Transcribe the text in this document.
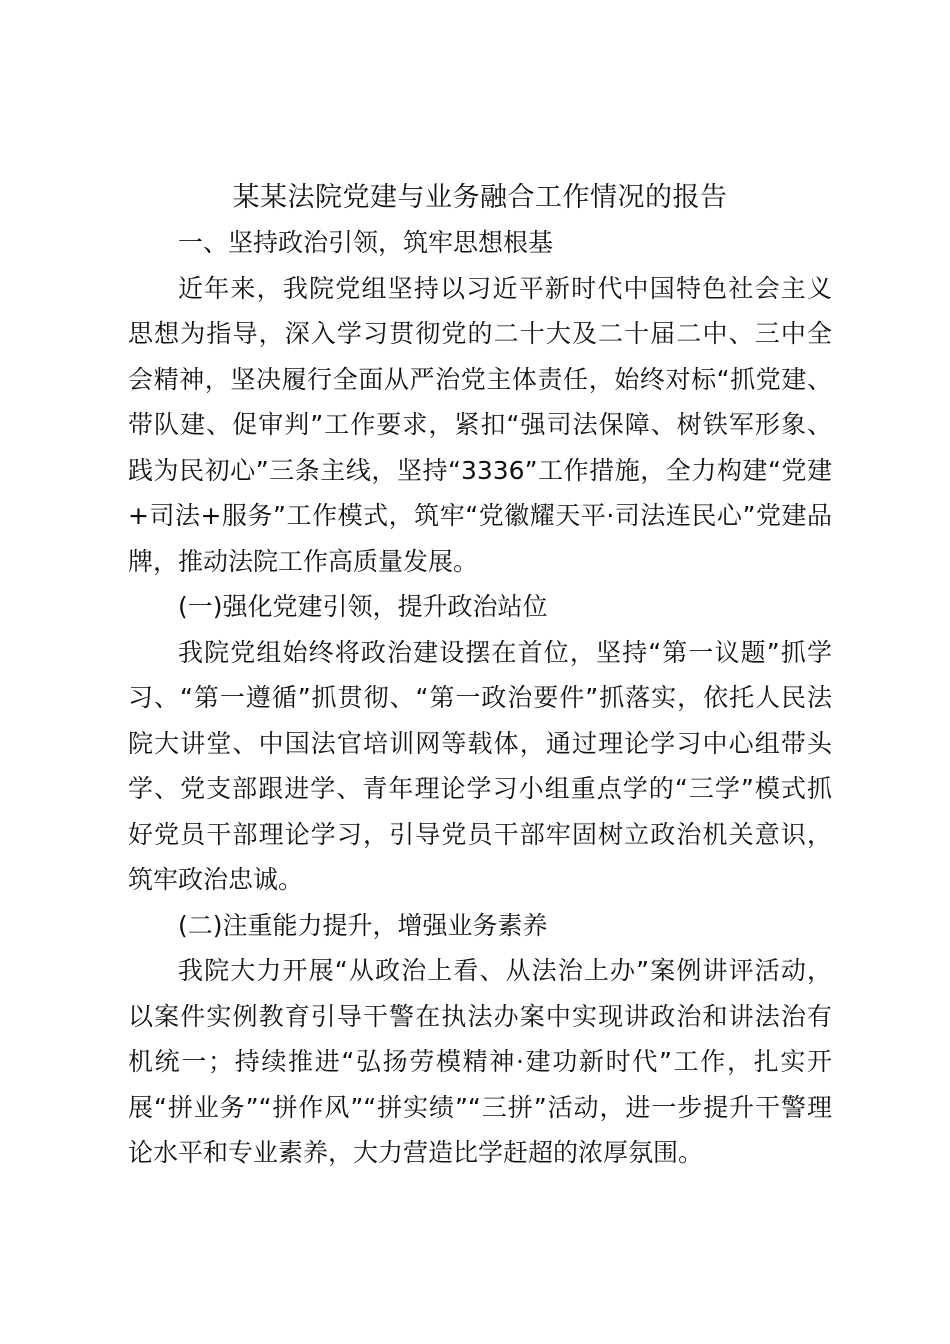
某某法院党建与业务融合工作情况的报告
一、坚持政治引领，筑牢思想根基

近年来，我院党组坚持以习近平新时代中国特色社会主义
思想为指导，深入学习贯彻党的二十大及二十届二中、三中全
会精神，坚决履行全面从严治党主体责任，始终对标“抓党建、
带队建、促审判”工作要求，紧扣“强司法保障、树铁军形象、
践为民初心”三条主线，坚持“3336”工作措施，全力构建“党建
+司法+服务”工作模式，筑牢“党徽耀天平·司法连民心”党建品
牌，推动法院工作高质量发展。

(一)强化党建引领，提升政治站位

我院党组始终将政治建设摆在首位，坚持“第一议题”抓学
习、“第一遵循”抓贯彻、“第一政治要件”抓落实，依托人民法
院大讲堂、中国法官培训网等载体，通过理论学习中心组带头
学、党支部跟进学、青年理论学习小组重点学的“三学”模式抓
好党员干部理论学习，引导党员干部牢固树立政治机关意识，
筑牢政治忠诚。

(二)注重能力提升，增强业务素养

我院大力开展“从政治上看、从法治上办”案例讲评活动，
以案件实例教育引导干警在执法办案中实现讲政治和讲法治有
机统一；持续推进“弘扬劳模精神·建功新时代”工作，扎实开
展“拼业务”“拼作风”“拼实绩”“三拼”活动，进一步提升干警理
论水平和专业素养，大力营造比学赶超的浓厚氛围。
